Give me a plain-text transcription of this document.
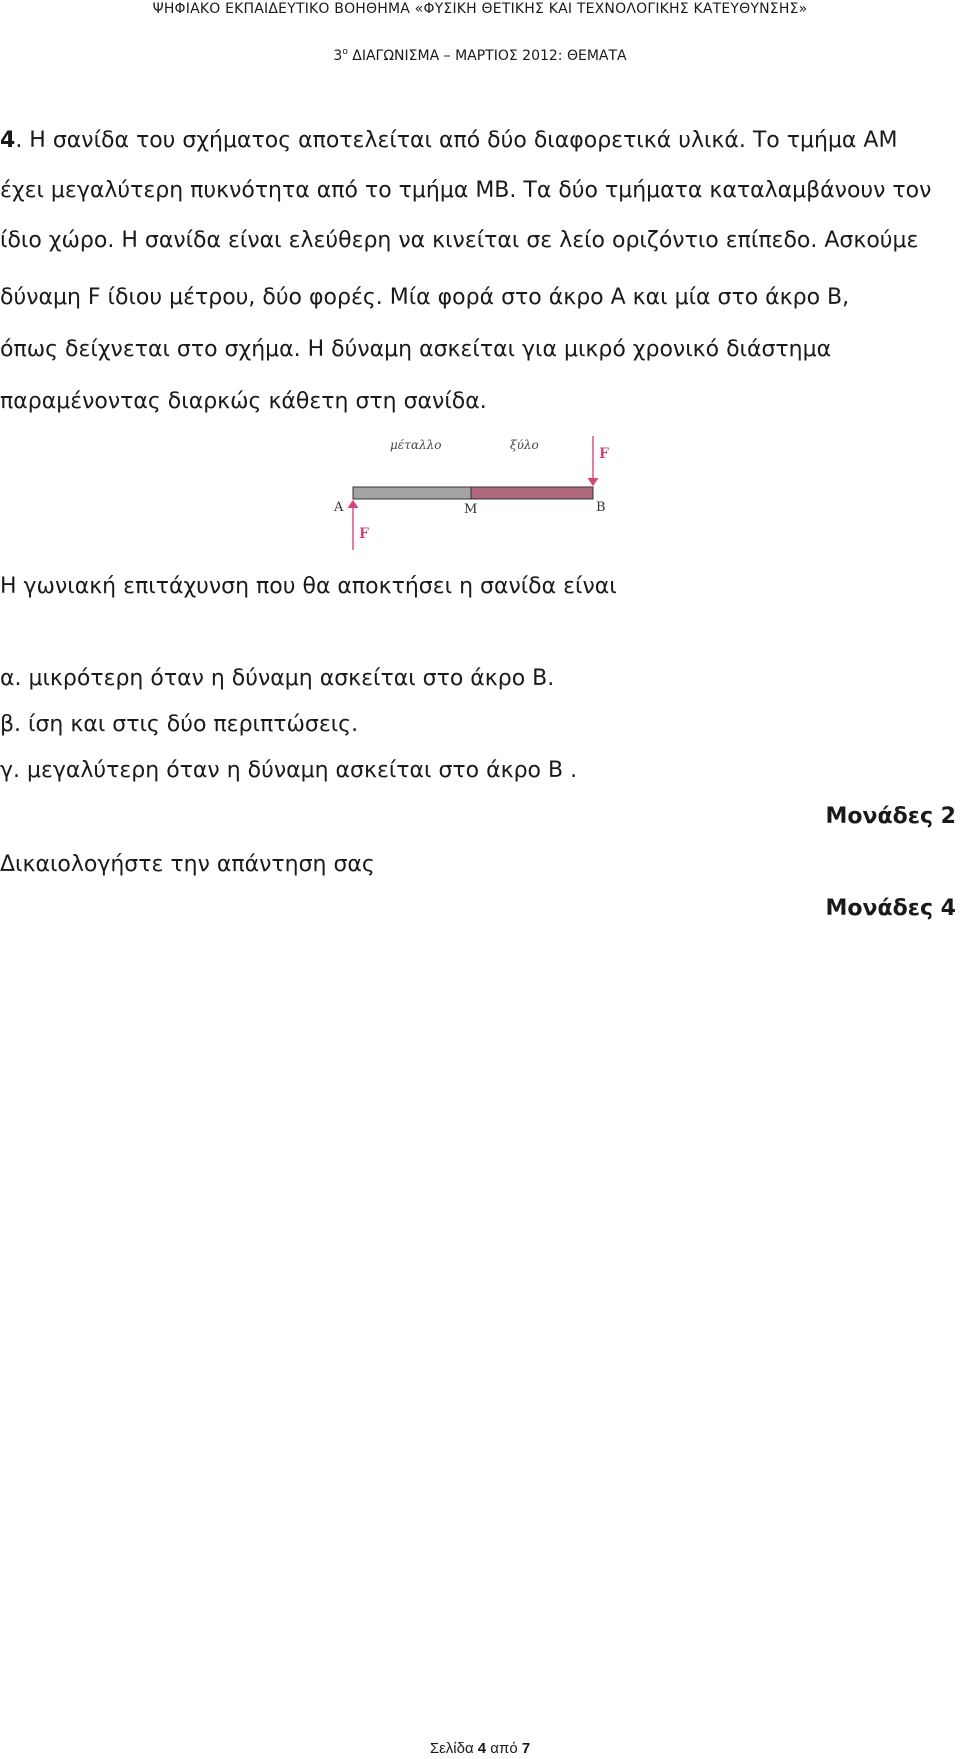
ΨΗΦΙΑΚΟ ΕΚΠΑΙΔΕΥΤΙΚΟ ΒΟΗΘΗΜΑ «ΦΥΣΙΚΗ ΘΕΤΙΚΗΣ ΚΑΙ ΤΕΧΝΟΛΟΓΙΚΗΣ ΚΑΤΕΥΘΥΝΣΗΣ»
$3^o$ ΔΙΑΓΩΝΙΣΜΑ – ΜΑΡΤΙΟΣ 2012: ΘΕΜΑΤΑ
4. Η σανίδα του σχήματος αποτελείται από δύο διαφορετικά υλικά. Το τμήμα ΑΜ
έχει μεγαλύτερη πυκνότητα από το τμήμα ΜΒ. Τα δύο τμήματα καταλαμβάνουν τον
ίδιο χώρο. Η σανίδα είναι ελεύθερη να κινείται σε λείο οριζόντιο επίπεδο. Ασκούμε
δύναμη F ίδιου μέτρου, δύο φορές. Μία φορά στο άκρο Α και μία στο άκρο Β,
όπως δείχνεται στο σχήμα. Η δύναμη ασκείται για μικρό χρονικό διάστημα
παραμένοντας διαρκώς κάθετη στη σανίδα.
μέταλλο	ξύλο
F
F
Α	Μ	Β
Η γωνιακή επιτάχυνση που θα αποκτήσει η σανίδα είναι
α. μικρότερη όταν η δύναμη ασκείται στο άκρο Β.
β. ίση και στις δύο περιπτώσεις.
γ. μεγαλύτερη όταν η δύναμη ασκείται στο άκρο Β .
Μονάδες 2
Δικαιολογήστε την απάντηση σας
Μονάδες 4
Σελίδα 4 από 7
